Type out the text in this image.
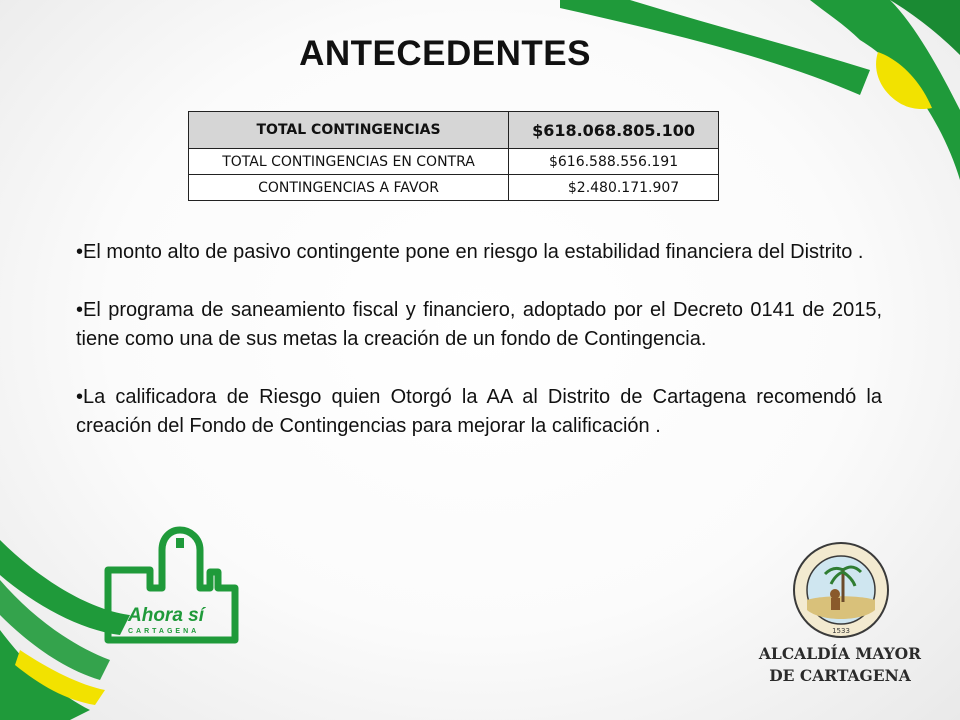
ANTECEDENTES
TOTAL CONTINGENCIAS	$618.068.805.100
TOTAL CONTINGENCIAS EN CONTRA	$616.588.556.191
CONTINGENCIAS A FAVOR	$2.480.171.907

•El monto alto de pasivo contingente pone en riesgo la estabilidad financiera del Distrito .

•El programa de saneamiento fiscal y financiero, adoptado por el Decreto 0141 de 2015, tiene como una de sus metas la creación de un fondo de Contingencia.

•La calificadora de Riesgo quien Otorgó la AA al Distrito de Cartagena recomendó la creación del Fondo de Contingencias para mejorar la calificación .

Ahora sí
CARTAGENA	1533
ALCALDÍA MAYOR
DE CARTAGENA
